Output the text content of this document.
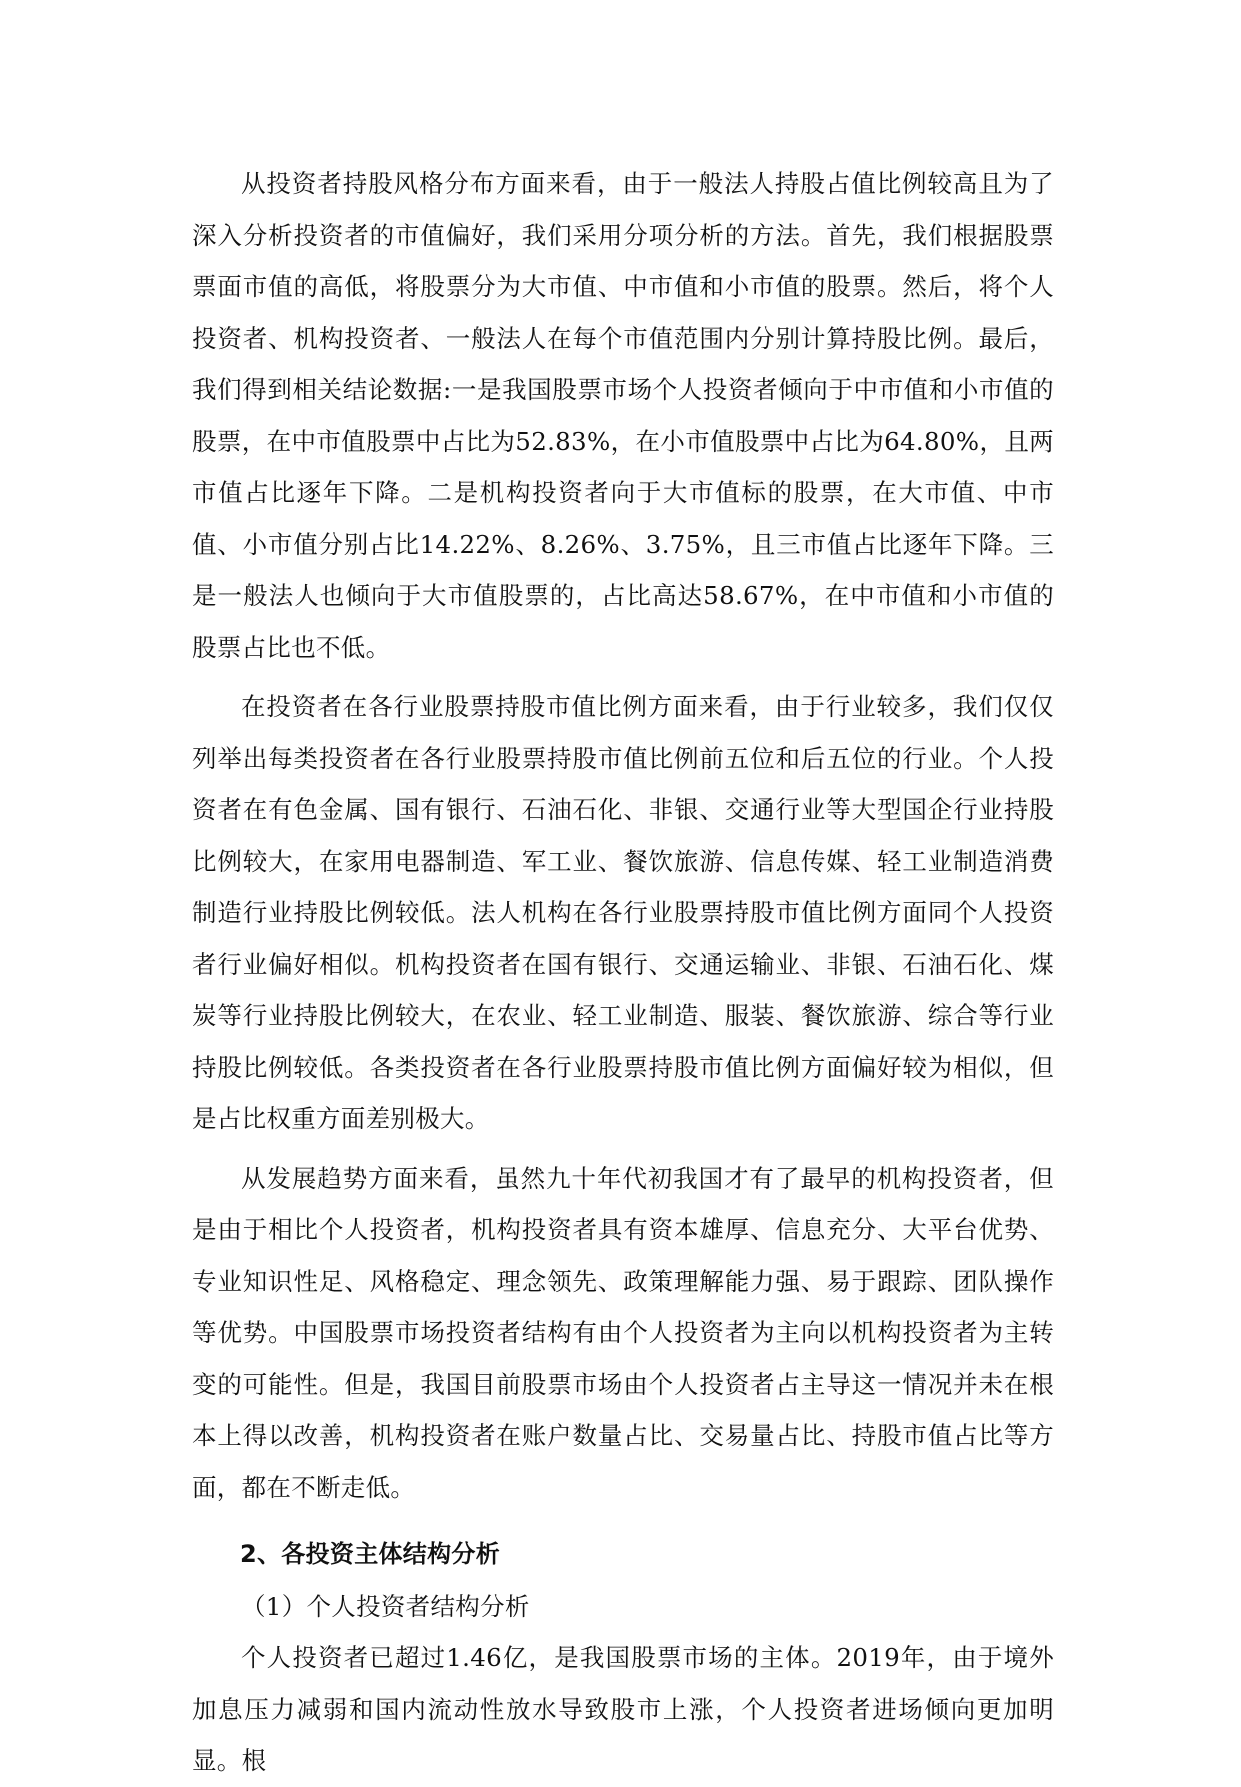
从投资者持股风格分布方面来看，由于一般法人持股占值比例较高且为了深入分析投资者的市值偏好，我们采用分项分析的方法。首先，我们根据股票票面市值的高低，将股票分为大市值、中市值和小市值的股票。然后，将个人投资者、机构投资者、一般法人在每个市值范围内分别计算持股比例。最后，我们得到相关结论数据:一是我国股票市场个人投资者倾向于中市值和小市值的股票，在中市值股票中占比为52.83%，在小市值股票中占比为64.80%，且两市值占比逐年下降。二是机构投资者向于大市值标的股票，在大市值、中市值、小市值分别占比14.22%、8.26%、3.75%，且三市值占比逐年下降。三是一般法人也倾向于大市值股票的，占比高达58.67%，在中市值和小市值的股票占比也不低。

在投资者在各行业股票持股市值比例方面来看，由于行业较多，我们仅仅列举出每类投资者在各行业股票持股市值比例前五位和后五位的行业。个人投资者在有色金属、国有银行、石油石化、非银、交通行业等大型国企行业持股比例较大，在家用电器制造、军工业、餐饮旅游、信息传媒、轻工业制造消费制造行业持股比例较低。法人机构在各行业股票持股市值比例方面同个人投资者行业偏好相似。机构投资者在国有银行、交通运输业、非银、石油石化、煤炭等行业持股比例较大，在农业、轻工业制造、服装、餐饮旅游、综合等行业持股比例较低。各类投资者在各行业股票持股市值比例方面偏好较为相似，但是占比权重方面差别极大。

从发展趋势方面来看，虽然九十年代初我国才有了最早的机构投资者，但是由于相比个人投资者，机构投资者具有资本雄厚、信息充分、大平台优势、专业知识性足、风格稳定、理念领先、政策理解能力强、易于跟踪、团队操作等优势。中国股票市场投资者结构有由个人投资者为主向以机构投资者为主转变的可能性。但是，我国目前股票市场由个人投资者占主导这一情况并未在根本上得以改善，机构投资者在账户数量占比、交易量占比、持股市值占比等方面，都在不断走低。

2、各投资主体结构分析

（1）个人投资者结构分析

个人投资者已超过1.46亿，是我国股票市场的主体。2019年，由于境外加息压力减弱和国内流动性放水导致股市上涨，个人投资者进场倾向更加明显。根
